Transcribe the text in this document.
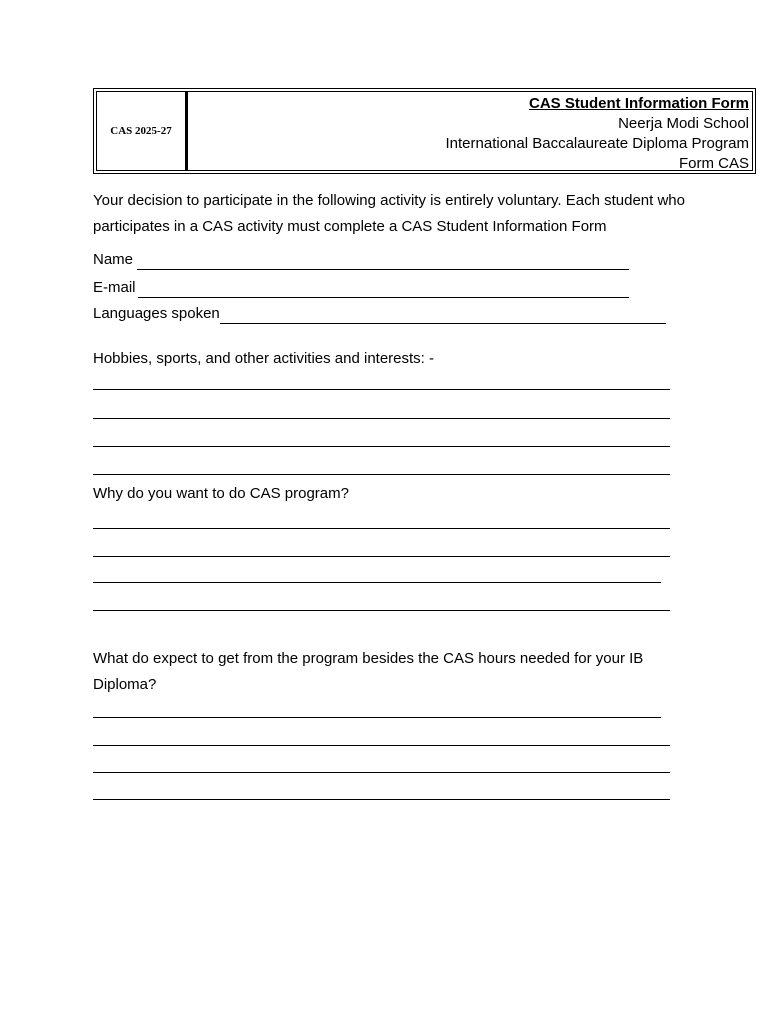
CAS 2025-27
CAS Student Information Form
Neerja Modi School
International Baccalaureate Diploma Program
Form CAS
Your decision to participate in the following activity is entirely voluntary. Each student who participates in a CAS activity must complete a CAS Student Information Form
Name
E-mail
Languages spoken
Hobbies, sports, and other activities and interests: -
Why do you want to do CAS program?
What do expect to get from the program besides the CAS hours needed for your IB Diploma?
